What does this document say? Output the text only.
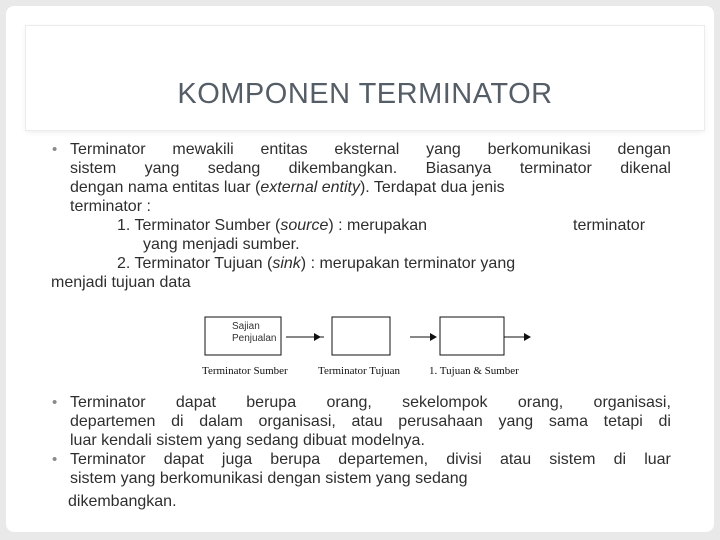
KOMPONEN TERMINATOR
• Terminator mewakili entitas eksternal yang berkomunikasi dengan
sistem yang sedang dikembangkan. Biasanya terminator dikenal
dengan nama entitas luar (external entity). Terdapat dua jenis
terminator :
1. Terminator Sumber (source) : merupakan	terminator
yang menjadi sumber.
2. Terminator Tujuan (sink) : merupakan terminator yang
menjadi tujuan data
Sajian
Penjualan
Terminator Sumber	Terminator Tujuan	1. Tujuan & Sumber
• Terminator dapat berupa orang, sekelompok orang, organisasi,
departemen di dalam organisasi, atau perusahaan yang sama tetapi di
luar kendali sistem yang sedang dibuat modelnya.
• Terminator dapat juga berupa departemen, divisi atau sistem di luar
sistem yang berkomunikasi dengan sistem yang sedang
dikembangkan.
